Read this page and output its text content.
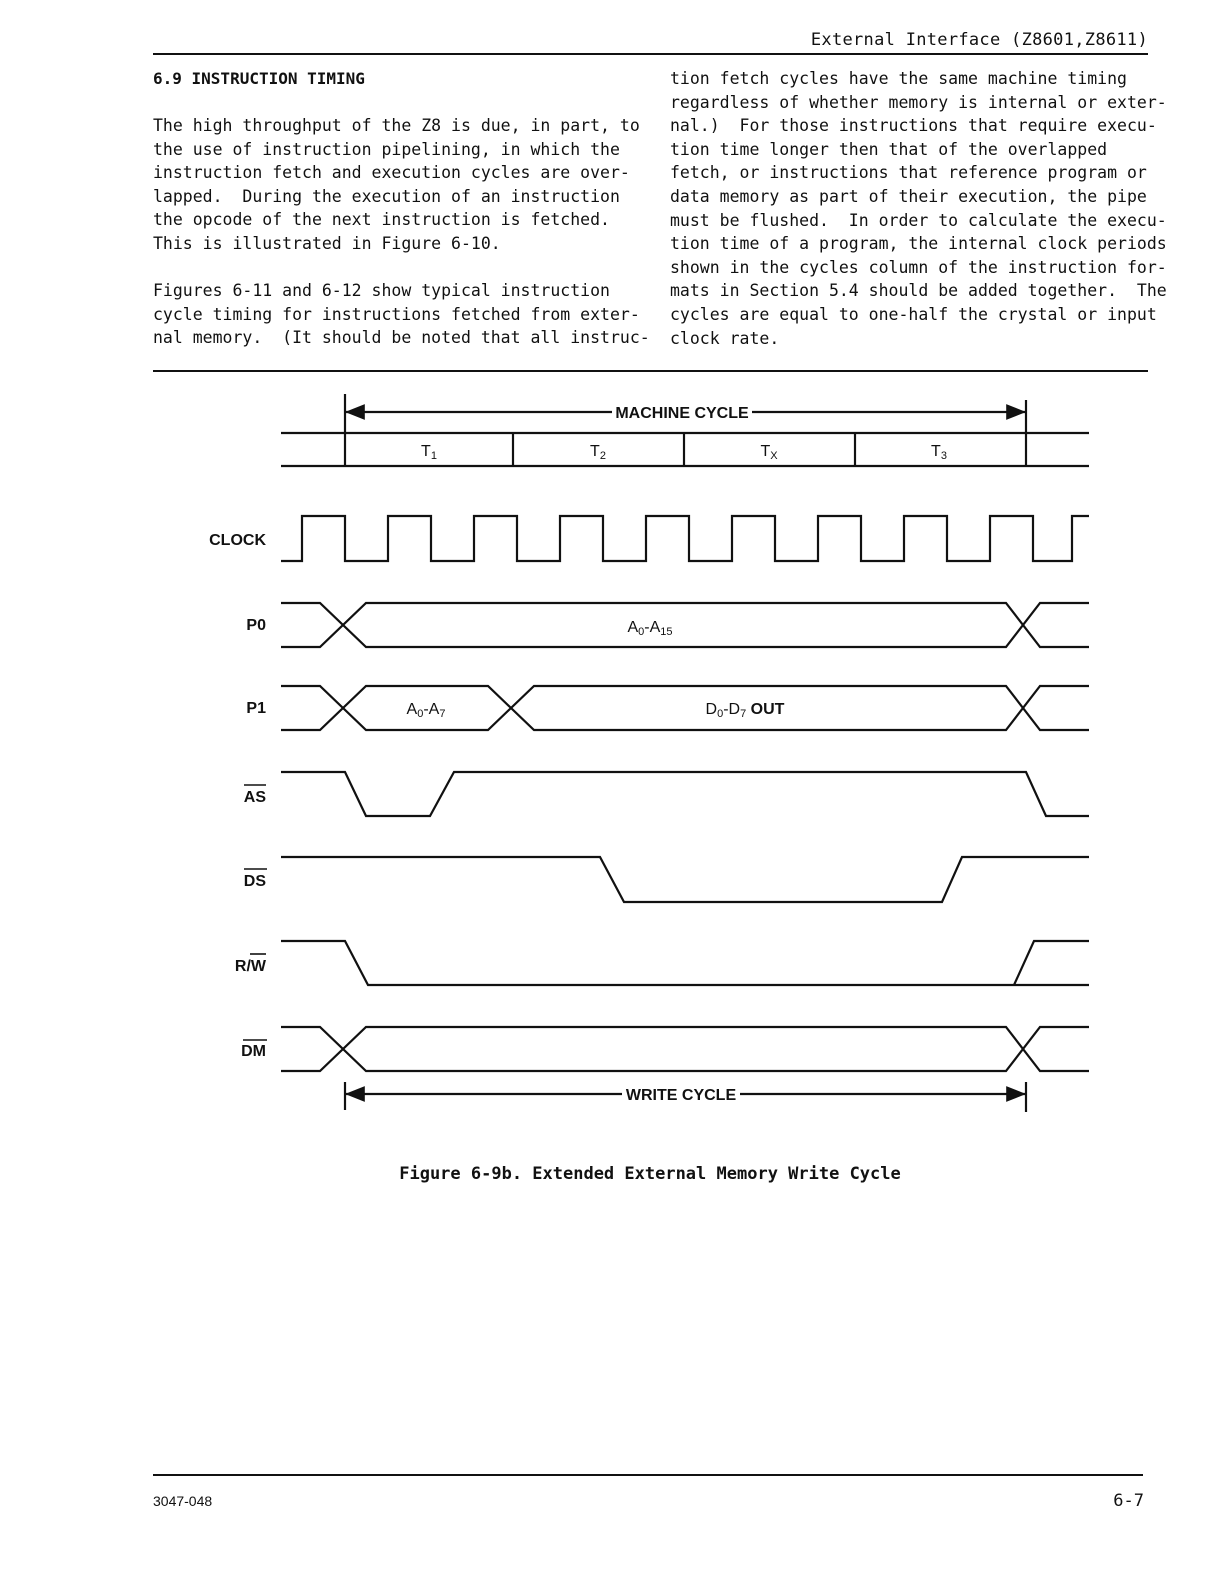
External Interface (Z8601,Z8611)
6.9 INSTRUCTION TIMING

The high throughput of the Z8 is due, in part, to

the use of instruction pipelining, in which the

instruction fetch and execution cycles are over-

lapped.  During the execution of an instruction

the opcode of the next instruction is fetched.

This is illustrated in Figure 6-10.

Figures 6-11 and 6-12 show typical instruction

cycle timing for instructions fetched from exter-

nal memory.  (It should be noted that all instruc-

tion fetch cycles have the same machine timing

regardless of whether memory is internal or exter-

nal.)  For those instructions that require execu-

tion time longer then that of the overlapped

fetch, or instructions that reference program or

data memory as part of their execution, the pipe

must be flushed.  In order to calculate the execu-

tion time of a program, the internal clock periods

shown in the cycles column of the instruction for-

mats in Section 5.4 should be added together.  The

cycles are equal to one-half the crystal or input

clock rate.

MACHINE CYCLE
T1	T2	TX	T3
CLOCK
P0
P1
AS
DS
R/W
DM
A0-A15
A0-A7	D0-D7 OUT
WRITE CYCLE
Figure 6-9b. Extended External Memory Write Cycle
3047-048	6-7
